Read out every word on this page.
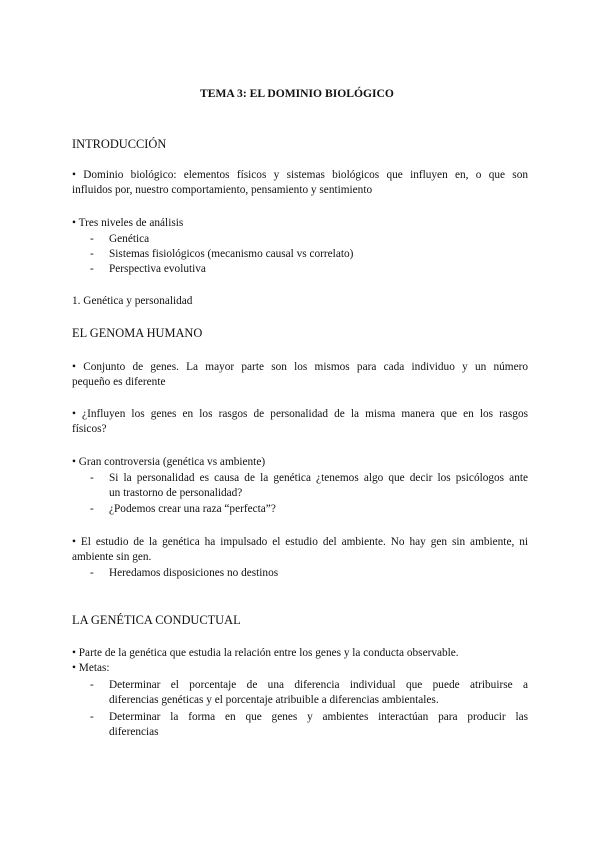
TEMA 3: EL DOMINIO BIOLÓGICO
INTRODUCCIÓN
• Dominio biológico: elementos físicos y sistemas biológicos que influyen en, o que son
influidos por, nuestro comportamiento, pensamiento y sentimiento
• Tres niveles de análisis
- Genética
- Sistemas fisiológicos (mecanismo causal vs correlato)
- Perspectiva evolutiva
1. Genética y personalidad
EL GENOMA HUMANO
• Conjunto de genes. La mayor parte son los mismos para cada individuo y un número
pequeño es diferente
• ¿Influyen los genes en los rasgos de personalidad de la misma manera que en los rasgos
físicos?
• Gran controversia (genética vs ambiente)
- Si la personalidad es causa de la genética ¿tenemos algo que decir los psicólogos ante
un trastorno de personalidad?
- ¿Podemos crear una raza “perfecta”?
• El estudio de la genética ha impulsado el estudio del ambiente. No hay gen sin ambiente, ni
ambiente sin gen.
- Heredamos disposiciones no destinos
LA GENÉTICA CONDUCTUAL
• Parte de la genética que estudia la relación entre los genes y la conducta observable.
• Metas:
- Determinar el porcentaje de una diferencia individual que puede atribuirse a
diferencias genéticas y el porcentaje atribuible a diferencias ambientales.
- Determinar la forma en que genes y ambientes interactúan para producir las
diferencias
